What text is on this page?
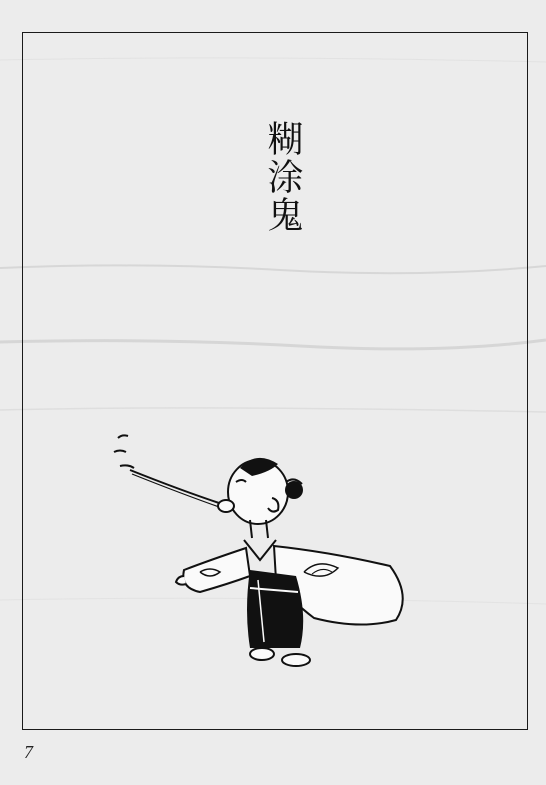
糊涂鬼
7
